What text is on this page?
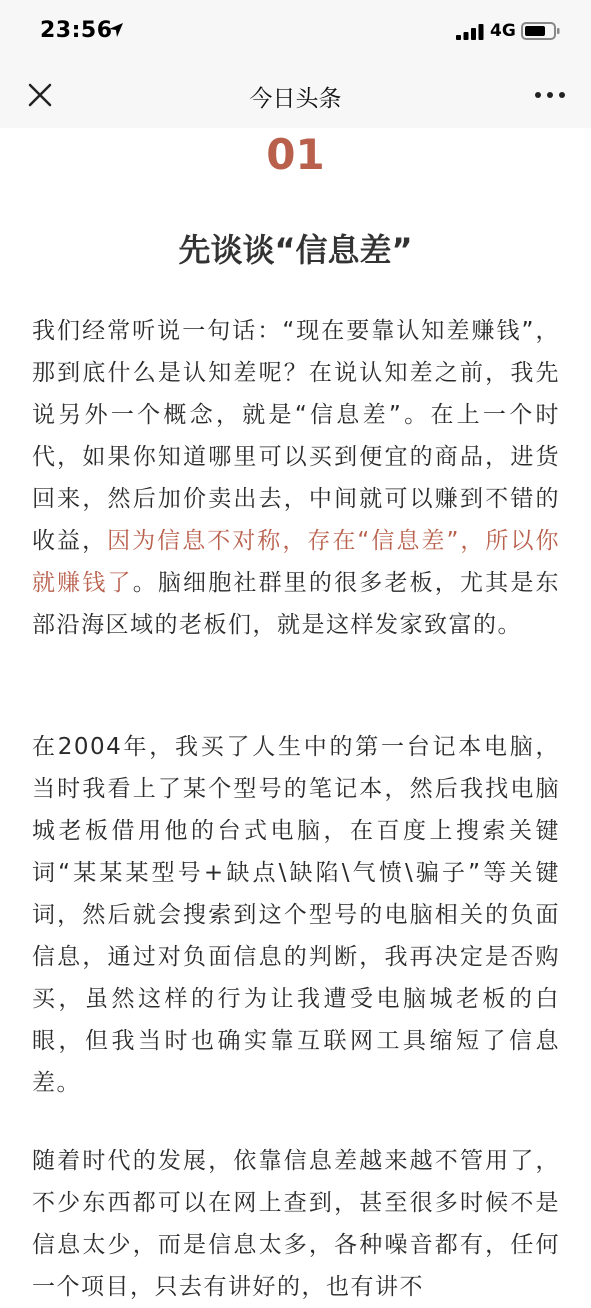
23:56	4G
今日头条
01
先谈谈“信息差”

我们经常听说一句话：“现在要靠认知差赚钱”，那到底什么是认知差呢？在说认知差之前，我先说另外一个概念，就是“信息差”。在上一个时代，如果你知道哪里可以买到便宜的商品，进货回来，然后加价卖出去，中间就可以赚到不错的收益，因为信息不对称，存在“信息差”，所以你就赚钱了。脑细胞社群里的很多老板，尤其是东部沿海区域的老板们，就是这样发家致富的。

在2004年，我买了人生中的第一台记本电脑，当时我看上了某个型号的笔记本，然后我找电脑城老板借用他的台式电脑，在百度上搜索关键词“某某某型号+缺点\缺陷\气愤\骗子”等关键词，然后就会搜索到这个型号的电脑相关的负面信息，通过对负面信息的判断，我再决定是否购买，虽然这样的行为让我遭受电脑城老板的白眼，但我当时也确实靠互联网工具缩短了信息差。

随着时代的发展，依靠信息差越来越不管用了，不少东西都可以在网上查到，甚至很多时候不是信息太少，而是信息太多，各种噪音都有，任何一个项目，只去有讲好的，也有讲不
